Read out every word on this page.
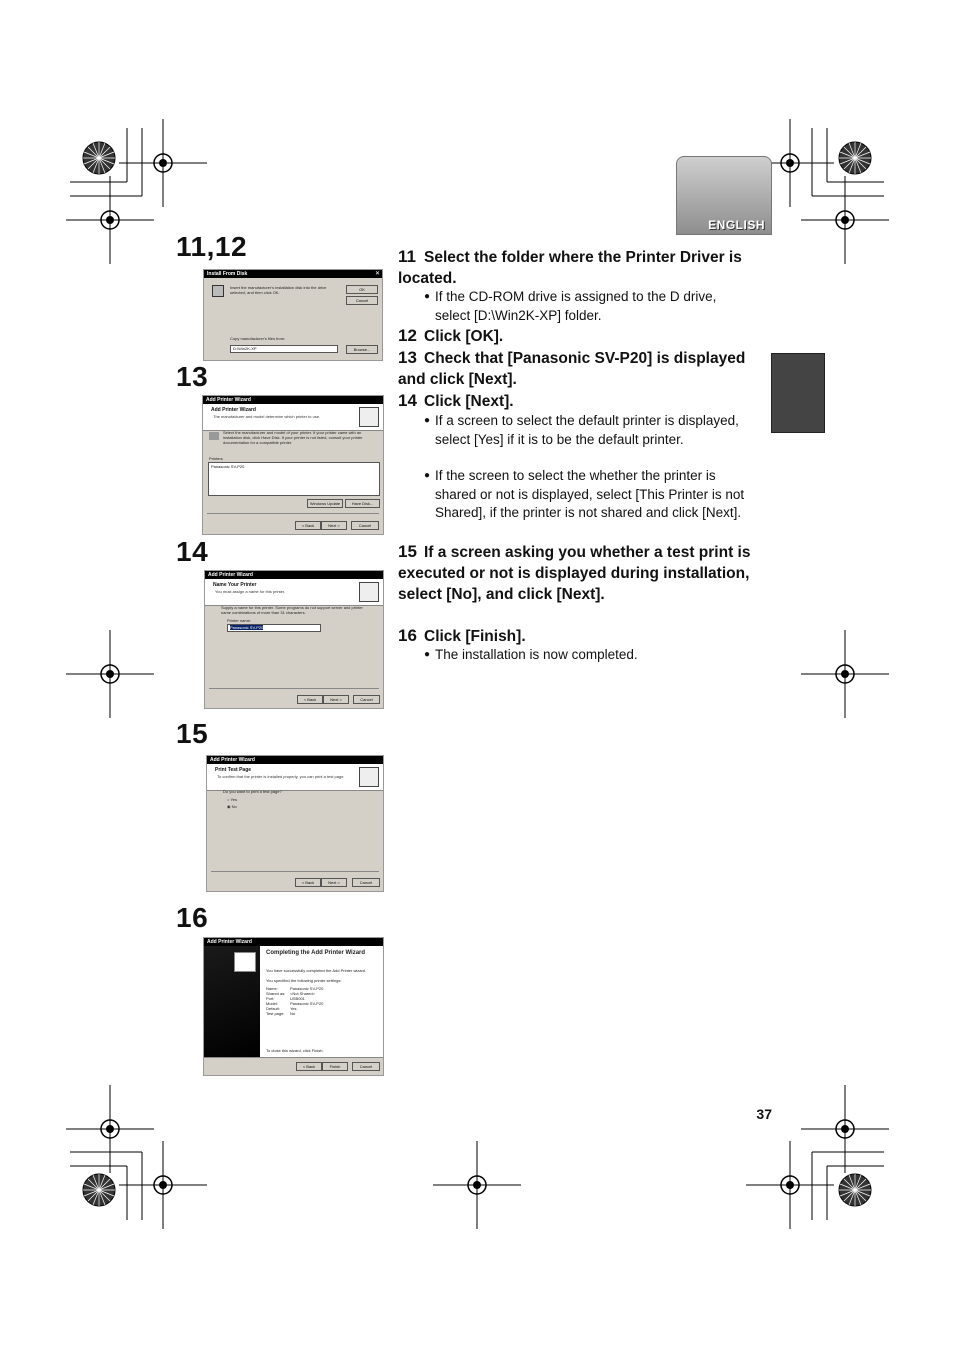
ENGLISH
11,12
13
14
15
16
Install From Disk	✕
Insert the manufacturer's installation disk into the drive selected, and then click OK.
OK
Cancel
Copy manufacturer's files from:
D:\Win2K-XP	Browse...
Add Printer Wizard
Add Printer Wizard
The manufacturer and model determine which printer to use.
Select the manufacturer and model of your printer. If your printer came with an installation disk, click Have Disk. If your printer is not listed, consult your printer documentation for a compatible printer.
Printers
Panasonic SV-P20
Windows Update	Have Disk...
< Back	Next >	Cancel
Add Printer Wizard
Name Your Printer
You must assign a name for this printer.
Supply a name for this printer. Some programs do not support server and printer name combinations of more than 31 characters.
Printer name:
Panasonic SV-P20
< Back	Next >	Cancel
Add Printer Wizard
Print Test Page
To confirm that the printer is installed properly, you can print a test page.
Do you want to print a test page?
○ Yes
◉ No
< Back	Next >	Cancel
Add Printer Wizard
Completing the Add Printer Wizard
You have successfully completed the Add Printer wizard.
You specified the following printer settings:
Name:	Panasonic SV-P20
Shared as: <Not Shared>
Port:	USB001
Model:	Panasonic SV-P20
Default:	Yes
Test page: No
To close this wizard, click Finish.
< Back	Finish	Cancel
11 Select the folder where the Printer Driver is located.
● If the CD-ROM drive is assigned to the D drive, select [D:\Win2K-XP] folder.
12 Click [OK].
13 Check that [Panasonic SV-P20] is displayed and click [Next].
14 Click [Next].
● If a screen to select the default printer is displayed, select [Yes] if it is to be the default printer.
● If the screen to select the whether the printer is shared or not is displayed, select [This Printer is not Shared], if the printer is not shared and click [Next].
15 If a screen asking you whether a test print is executed or not is displayed during installation, select [No], and click [Next].
16 Click [Finish].
● The installation is now completed.
37
